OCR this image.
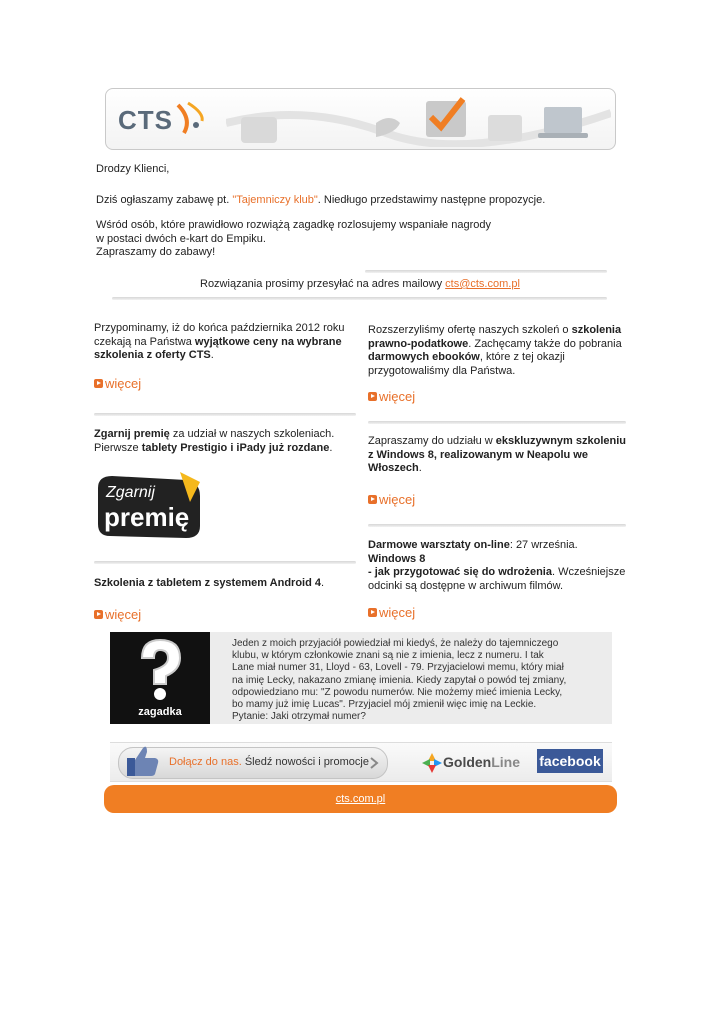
CTS
Drodzy Klienci,
Dziś ogłaszamy zabawę pt. "Tajemniczy klub". Niedługo przedstawimy następne propozycje.
Wśród osób, które prawidłowo rozwiążą zagadkę rozlosujemy wspaniałe nagrody
w postaci dwóch e-kart do Empiku.
Zapraszamy do zabawy!
Rozwiązania prosimy przesyłać na adres mailowy cts@cts.com.pl
Przypominamy, iż do końca października 2012 roku
czekają na Państwa wyjątkowe ceny na wybrane
szkolenia z oferty CTS.
więcej
Zgarnij premię za udział w naszych szkoleniach.
Pierwsze tablety Prestigio i iPady już rozdane.
Zgarnij
premię
Szkolenia z tabletem z systemem Android 4.
więcej
Rozszerzyliśmy ofertę naszych szkoleń o szkolenia
prawno-podatkowe. Zachęcamy także do pobrania
darmowych ebooków, które z tej okazji
przygotowaliśmy dla Państwa.
więcej
Zapraszamy do udziału w ekskluzywnym szkoleniu
z Windows 8, realizowanym w Neapolu we
Włoszech.
więcej
Darmowe warsztaty on-line: 27 września.
Windows 8
- jak przygotować się do wdrożenia. Wcześniejsze
odcinki są dostępne w archiwum filmów.
więcej
zagadka
Jeden z moich przyjaciół powiedział mi kiedyś, że należy do tajemniczego
klubu, w którym członkowie znani są nie z imienia, lecz z numeru. I tak
Lane miał numer 31, Lloyd - 63, Lovell - 79. Przyjacielowi memu, który miał
na imię Lecky, nakazano zmianę imienia. Kiedy zapytał o powód tej zmiany,
odpowiedziano mu: "Z powodu numerów. Nie możemy mieć imienia Lecky,
bo mamy już imię Lucas". Przyjaciel mój zmienił więc imię na Leckie.
Pytanie: Jaki otrzymał numer?
Dołącz do nas. Śledź nowości i promocje	GoldenLine facebook
cts.com.pl
